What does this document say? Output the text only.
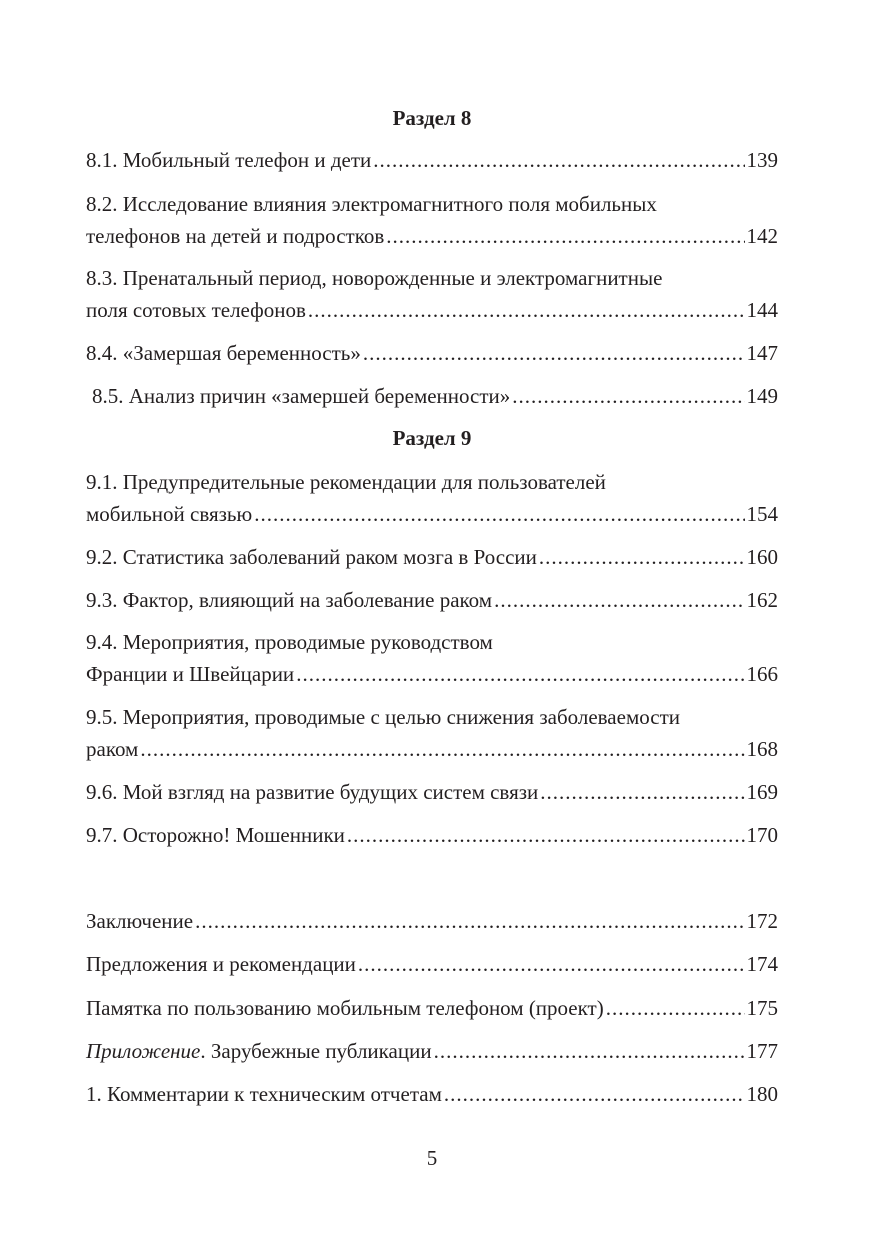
Раздел 8
8.1. Мобильный телефон и дети .....	139
8.2. Исследование влияния электромагнитного поля мобильных
телефонов на детей и подростков .....	142
8.3. Пренатальный период, новорожденные и электромагнитные
поля сотовых телефонов .....	144
8.4. «Замершая беременность» .....	147
8.5. Анализ причин «замершей беременности» .....	149
Раздел 9
9.1. Предупредительные рекомендации для пользователей
мобильной связью .....	154
9.2. Статистика заболеваний раком мозга в России .....	160
9.3. Фактор, влияющий на заболевание раком .....	162
9.4. Мероприятия, проводимые руководством
Франции и Швейцарии .....	166
9.5. Мероприятия, проводимые с целью снижения заболеваемости
раком .....	168
9.6. Мой взгляд на развитие будущих систем связи .....	169
9.7. Осторожно! Мошенники .....	170
Заключение .....	172
Предложения и рекомендации .....	174
Памятка по пользованию мобильным телефоном (проект) .....	175
Приложение. Зарубежные публикации .....	177
1. Комментарии к техническим отчетам .....	180
5
